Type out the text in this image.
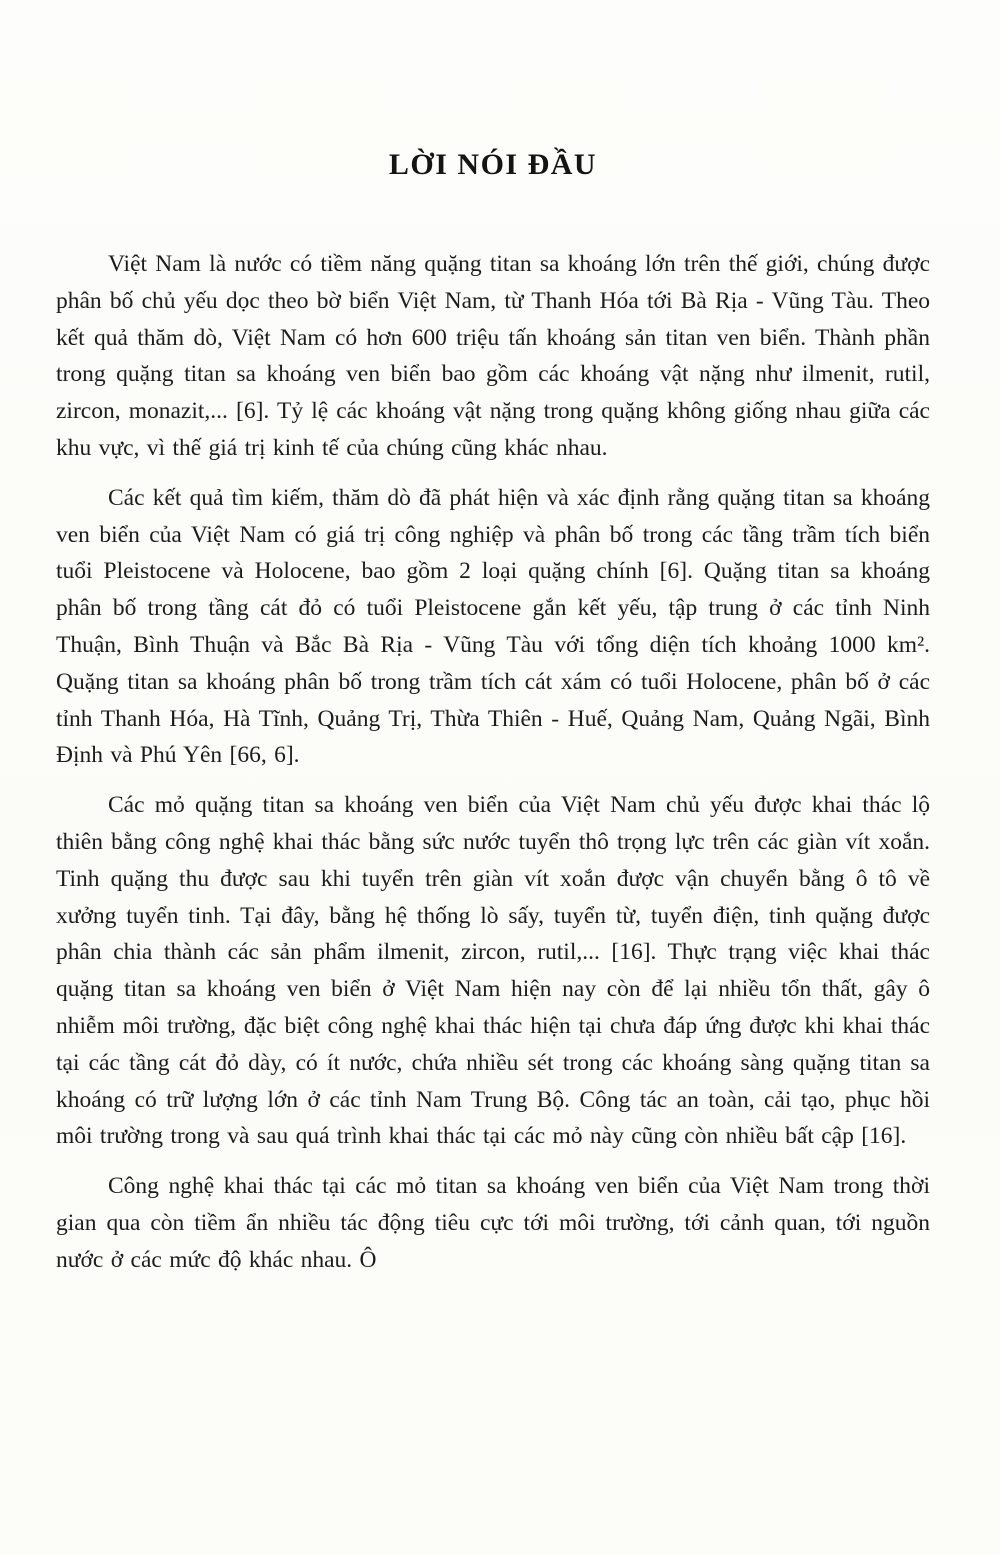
LỜI NÓI ĐẦU

Việt Nam là nước có tiềm năng quặng titan sa khoáng lớn trên thế giới, chúng được phân bố chủ yếu dọc theo bờ biển Việt Nam, từ Thanh Hóa tới Bà Rịa - Vũng Tàu. Theo kết quả thăm dò, Việt Nam có hơn 600 triệu tấn khoáng sản titan ven biển. Thành phần trong quặng titan sa khoáng ven biển bao gồm các khoáng vật nặng như ilmenit, rutil, zircon, monazit,... [6]. Tỷ lệ các khoáng vật nặng trong quặng không giống nhau giữa các khu vực, vì thế giá trị kinh tế của chúng cũng khác nhau.

Các kết quả tìm kiếm, thăm dò đã phát hiện và xác định rằng quặng titan sa khoáng ven biển của Việt Nam có giá trị công nghiệp và phân bố trong các tầng trầm tích biển tuổi Pleistocene và Holocene, bao gồm 2 loại quặng chính [6]. Quặng titan sa khoáng phân bố trong tầng cát đỏ có tuổi Pleistocene gắn kết yếu, tập trung ở các tỉnh Ninh Thuận, Bình Thuận và Bắc Bà Rịa - Vũng Tàu với tổng diện tích khoảng 1000 km². Quặng titan sa khoáng phân bố trong trầm tích cát xám có tuổi Holocene, phân bố ở các tỉnh Thanh Hóa, Hà Tĩnh, Quảng Trị, Thừa Thiên - Huế, Quảng Nam, Quảng Ngãi, Bình Định và Phú Yên [66, 6].

Các mỏ quặng titan sa khoáng ven biển của Việt Nam chủ yếu được khai thác lộ thiên bằng công nghệ khai thác bằng sức nước tuyển thô trọng lực trên các giàn vít xoắn. Tinh quặng thu được sau khi tuyển trên giàn vít xoắn được vận chuyển bằng ô tô về xưởng tuyển tinh. Tại đây, bằng hệ thống lò sấy, tuyển từ, tuyển điện, tinh quặng được phân chia thành các sản phẩm ilmenit, zircon, rutil,... [16]. Thực trạng việc khai thác quặng titan sa khoáng ven biển ở Việt Nam hiện nay còn để lại nhiều tổn thất, gây ô nhiễm môi trường, đặc biệt công nghệ khai thác hiện tại chưa đáp ứng được khi khai thác tại các tầng cát đỏ dày, có ít nước, chứa nhiều sét trong các khoáng sàng quặng titan sa khoáng có trữ lượng lớn ở các tỉnh Nam Trung Bộ. Công tác an toàn, cải tạo, phục hồi môi trường trong và sau quá trình khai thác tại các mỏ này cũng còn nhiều bất cập [16].

Công nghệ khai thác tại các mỏ titan sa khoáng ven biển của Việt Nam trong thời gian qua còn tiềm ẩn nhiều tác động tiêu cực tới môi trường, tới cảnh quan, tới nguồn nước ở các mức độ khác nhau. Ô
